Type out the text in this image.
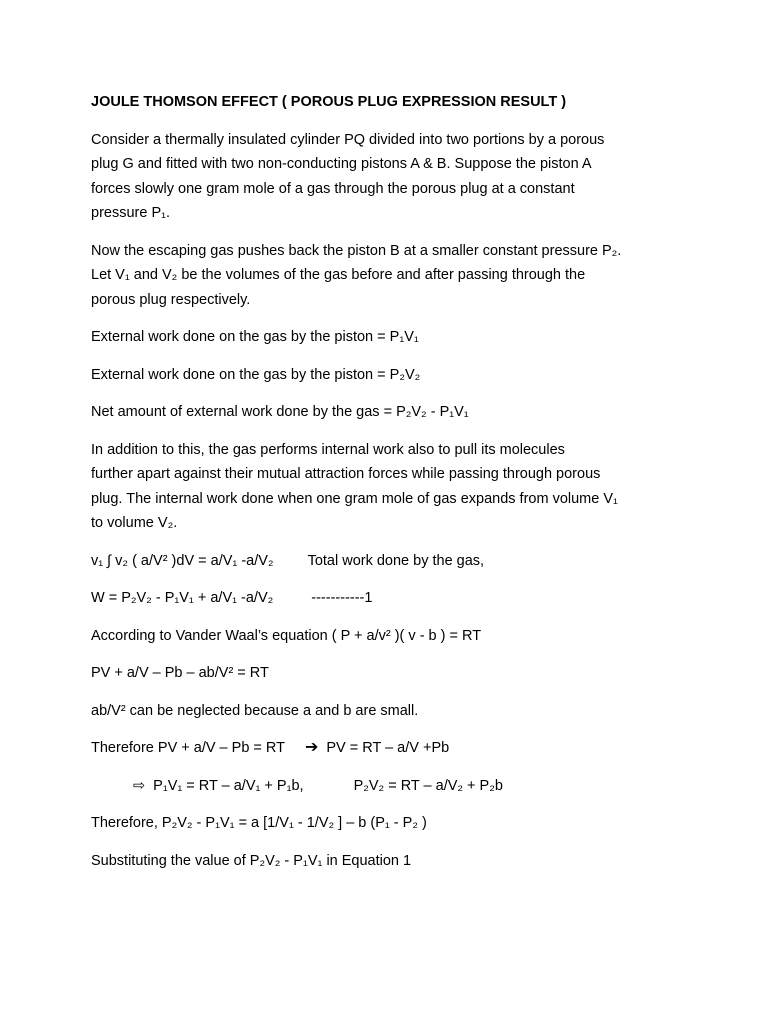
JOULE THOMSON EFFECT ( POROUS PLUG EXPRESSION RESULT )
Consider a thermally insulated cylinder PQ divided into two portions by a porous
plug G and fitted with two non-conducting pistons A & B. Suppose the piston A
forces slowly one gram mole of a gas through the porous plug at a constant
pressure P₁.
Now the escaping gas pushes back the piston B at a smaller constant pressure P₂.
Let V₁ and V₂ be the volumes of the gas before and after passing through the
porous plug respectively.
External work done on the gas by the piston = P₁V₁
External work done on the gas by the piston = P₂V₂
Net amount of external work done by the gas = P₂V₂ - P₁V₁
In addition to this, the gas performs internal work also to pull its molecules
further apart against their mutual attraction forces while passing through porous
plug. The internal work done when one gram mole of gas expands from volume V₁
to volume V₂.
v₁ ∫ v₂ ( a/V² )dV = a/V₁ -a/V₂ Total work done by the gas,
W = P₂V₂ - P₁V₁ + a/V₁ -a/V₂	-----------1
According to Vander Waal’s equation ( P + a/v² )( v - b ) = RT
PV + a/V – Pb – ab/V² = RT
ab/V² can be neglected because a and b are small.
Therefore PV + a/V – Pb = RT ➔ PV = RT – a/V +Pb
⇨ P₁V₁ = RT – a/V₁ + P₁b,	P₂V₂ = RT – a/V₂ + P₂b
Therefore, P₂V₂ - P₁V₁ = a [1/V₁ - 1/V₂ ] – b (P₁ - P₂ )
Substituting the value of P₂V₂ - P₁V₁ in Equation 1
